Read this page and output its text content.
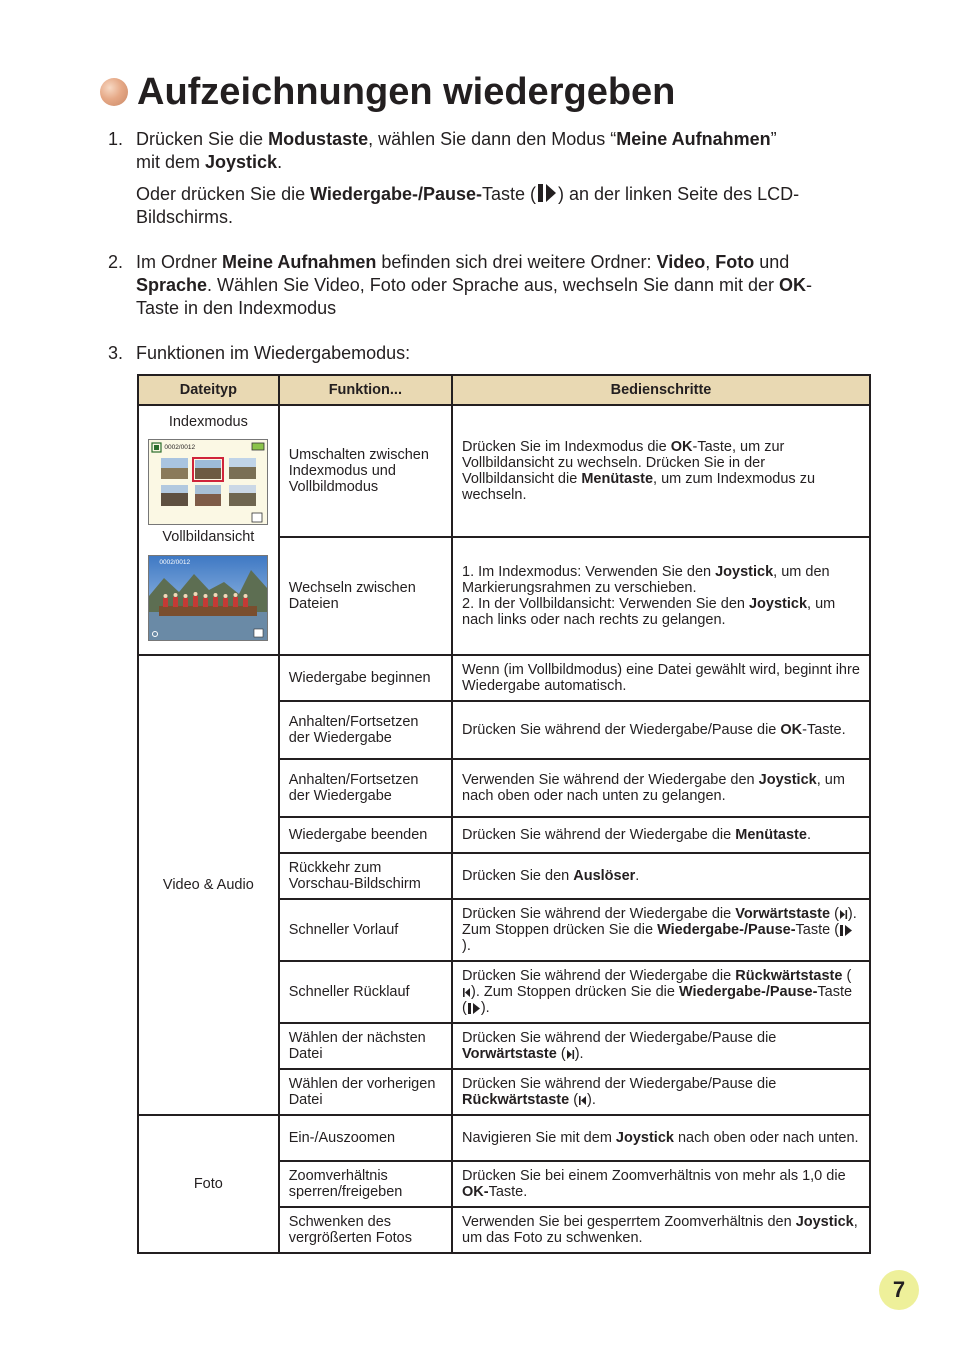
Aufzeichnungen wiedergeben
1. Drücken Sie die Modustaste, wählen Sie dann den Modus “Meine Aufnahmen”
mit dem Joystick.
Oder drücken Sie die Wiedergabe-/Pause-Taste ( ) an der linken Seite des LCD-
Bildschirms.
2. Im Ordner Meine Aufnahmen befinden sich drei weitere Ordner: Video, Foto und
Sprache. Wählen Sie Video, Foto oder Sprache aus, wechseln Sie dann mit der OK-
Taste in den Indexmodus
3. Funktionen im Wiedergabemodus:
Dateityp	Funktion...	Bedienschritte

Indexmodus
0002/0012
Vollbildansicht
0002/0012	Umschalten zwischen Indexmodus und Vollbildmodus	Drücken Sie im Indexmodus die OK-Taste, um zur Vollbildansicht zu wechseln. Drücken Sie in der Vollbildansicht die Menütaste, um zum Indexmodus zu wechseln.
	Wechseln zwischen Dateien	1. Im Indexmodus: Verwenden Sie den Joystick, um den Markierungsrahmen zu verschieben.
2. In der Vollbildansicht: Verwenden Sie den Joystick, um nach links oder nach rechts zu gelangen.
Video & Audio	Wiedergabe beginnen	Wenn (im Vollbildmodus) eine Datei gewählt wird, beginnt ihre Wiedergabe automatisch.
	Anhalten/Fortsetzen der Wiedergabe	Drücken Sie während der Wiedergabe/Pause die OK-Taste.
	Anhalten/Fortsetzen der Wiedergabe	Verwenden Sie während der Wiedergabe den Joystick, um nach oben oder nach unten zu gelangen.
	Wiedergabe beenden	Drücken Sie während der Wiedergabe die Menütaste.
	Rückkehr zum Vorschau-Bildschirm	Drücken Sie den Auslöser.
	Schneller Vorlauf	Drücken Sie während der Wiedergabe die Vorwärtstaste ( ). Zum Stoppen drücken Sie die Wiedergabe-/Pause-Taste (
).
	Schneller Rücklauf	Drücken Sie während der Wiedergabe die Rückwärtstaste (
). Zum Stoppen drücken Sie die Wiedergabe-/Pause-Taste ( ).
	Wählen der nächsten Datei	Drücken Sie während der Wiedergabe/Pause die Vorwärtstaste ( ).
	Wählen der vorherigen Datei	Drücken Sie während der Wiedergabe/Pause die Rückwärtstaste ( ).
Foto	Ein-/Auszoomen	Navigieren Sie mit dem Joystick nach oben oder nach unten.
	Zoomverhältnis sperren/freigeben	Drücken Sie bei einem Zoomverhältnis von mehr als 1,0 die OK-Taste.
	Schwenken des vergrößerten Fotos	Verwenden Sie bei gesperrtem Zoomverhältnis den Joystick, um das Foto zu schwenken.
7
